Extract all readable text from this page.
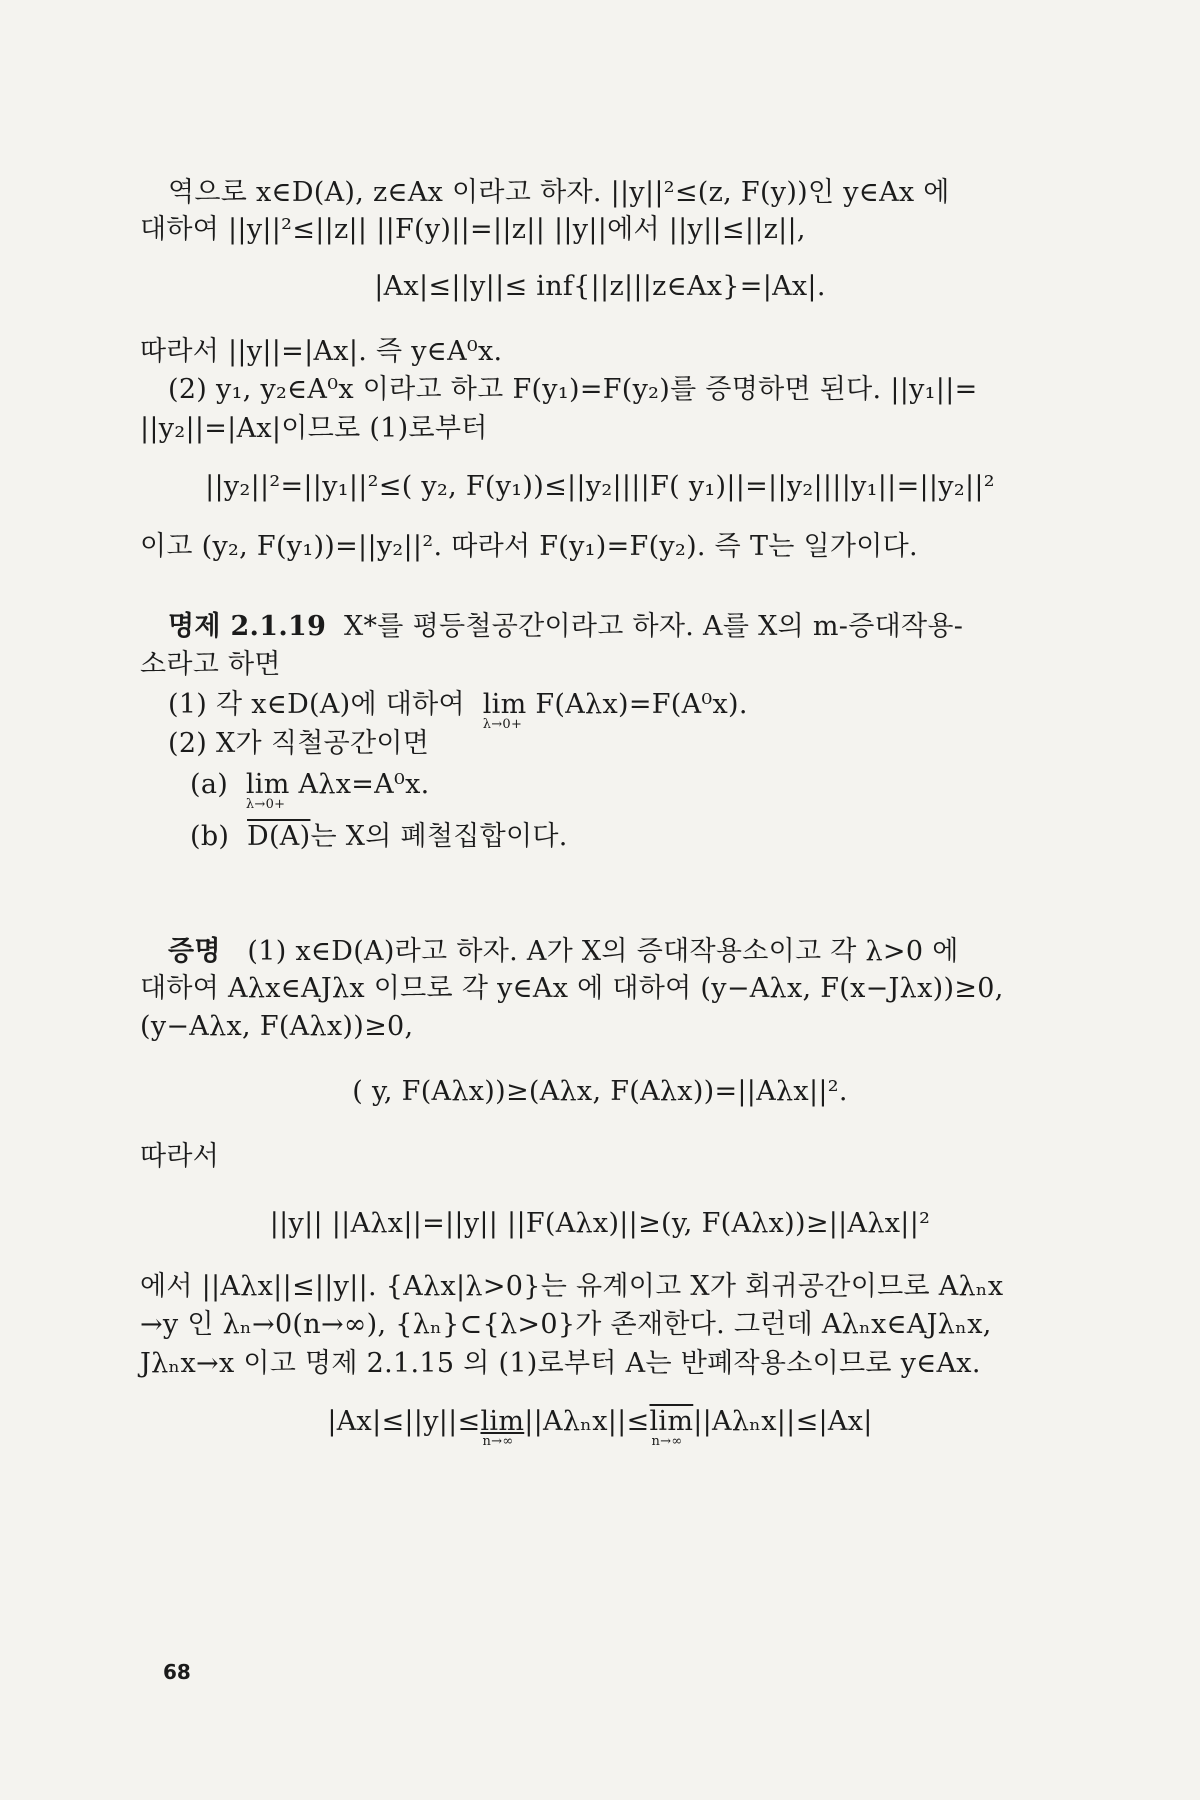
역으로 x∈D(A), z∈Ax 이라고 하자. ||y||²≤(z, F(y))인 y∈Ax 에
대하여 ||y||²≤||z|| ||F(y)||=||z|| ||y||에서 ||y||≤||z||,
|Ax|≤||y||≤ inf{||z|||z∈Ax}=|Ax|.
따라서 ||y||=|Ax|. 즉 y∈A⁰x.
(2) y₁, y₂∈A⁰x 이라고 하고 F(y₁)=F(y₂)를 증명하면 된다. ||y₁||=
||y₂||=|Ax|이므로 (1)로부터
||y₂||²=||y₁||²≤( y₂, F(y₁))≤||y₂||||F( y₁)||=||y₂||||y₁||=||y₂||²
이고 (y₂, F(y₁))=||y₂||². 따라서 F(y₁)=F(y₂). 즉 T는 일가이다.
명제 2.1.19 X*를 평등철공간이라고 하자. A를 X의 m-증대작용-
소라고 하면
(1) 각 x∈D(A)에 대하여 lim
λ→0+
F(Aλx)=F(A⁰x).
(2) X가 직철공간이면
(a) lim
λ→0+
Aλx=A⁰x.
(b) D(A)는 X의 폐철집합이다.
증명 (1) x∈D(A)라고 하자. A가 X의 증대작용소이고 각 λ>0 에
대하여 Aλx∈AJλx 이므로 각 y∈Ax 에 대하여 (y−Aλx, F(x−Jλx))≥0,
(y−Aλx, F(Aλx))≥0,
( y, F(Aλx))≥(Aλx, F(Aλx))=||Aλx||².
따라서
||y|| ||Aλx||=||y|| ||F(Aλx)||≥(y, F(Aλx))≥||Aλx||²
에서 ||Aλx||≤||y||. {Aλx|λ>0}는 유계이고 X가 회귀공간이므로 Aλₙx
→y 인 λₙ→0(n→∞), {λₙ}⊂{λ>0}가 존재한다. 그런데 Aλₙx∈AJλₙx,
Jλₙx→x 이고 명제 2.1.15 의 (1)로부터 A는 반폐작용소이므로 y∈Ax.
|Ax|≤||y||≤lim
n→∞
||Aλₙx||≤lim
n→∞
||Aλₙx||≤|Ax|
68
